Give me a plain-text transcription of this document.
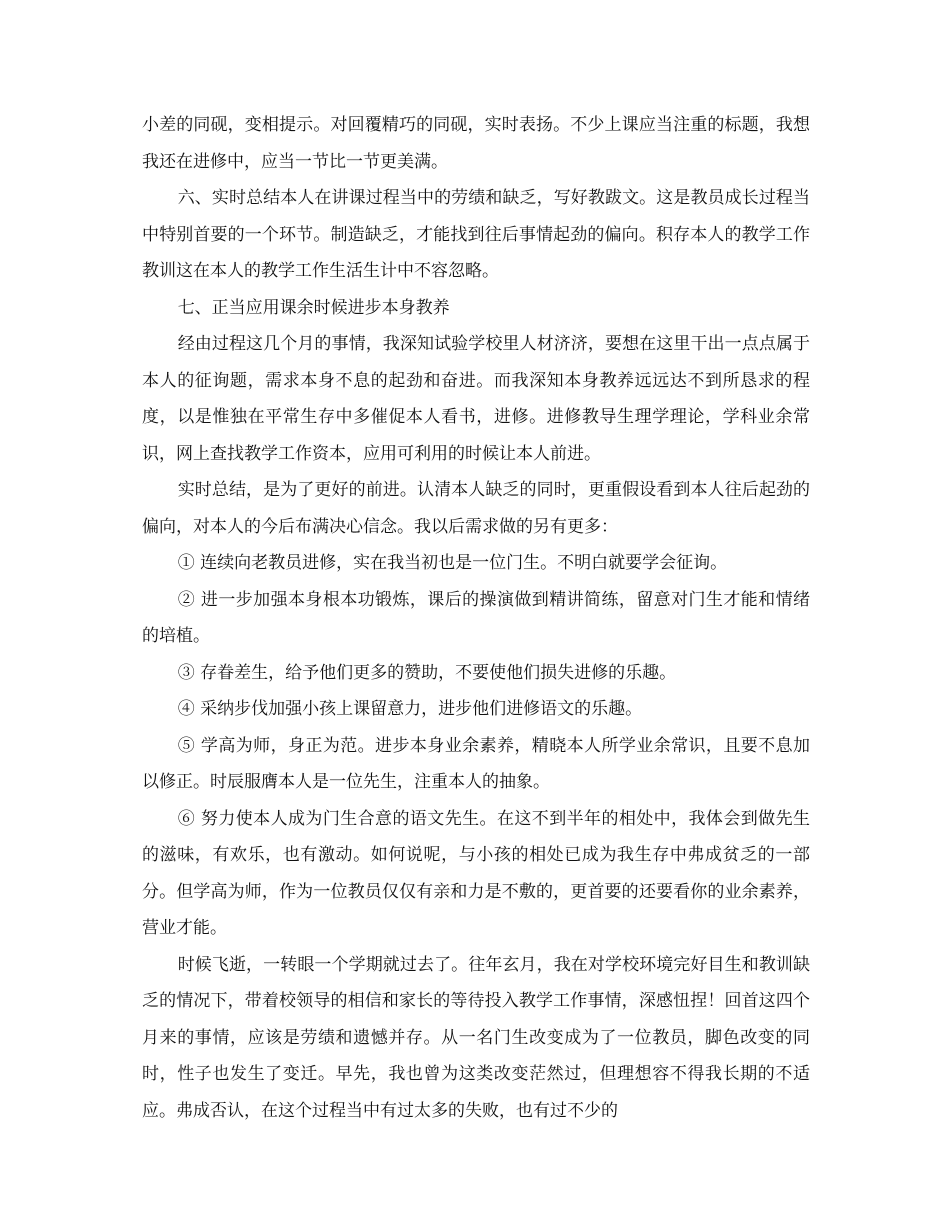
小差的同砚，变相提示。对回覆精巧的同砚，实时表扬。不少上课应当注重的标题，我想我还在进修中，应当一节比一节更美满。

六、实时总结本人在讲课过程当中的劳绩和缺乏，写好教跋文。这是教员成长过程当中特别首要的一个环节。制造缺乏，才能找到往后事情起劲的偏向。积存本人的教学工作教训这在本人的教学工作生活生计中不容忽略。

七、正当应用课余时候进步本身教养

经由过程这几个月的事情，我深知试验学校里人材济济，要想在这里干出一点点属于本人的征询题，需求本身不息的起劲和奋进。而我深知本身教养远远达不到所恳求的程度，以是惟独在平常生存中多催促本人看书，进修。进修教导生理学理论，学科业余常识，网上查找教学工作资本，应用可利用的时候让本人前进。

实时总结，是为了更好的前进。认清本人缺乏的同时，更重假设看到本人往后起劲的偏向，对本人的今后布满决心信念。我以后需求做的另有更多：

① 连续向老教员进修，实在我当初也是一位门生。不明白就要学会征询。

② 进一步加强本身根本功锻炼，课后的操演做到精讲简练，留意对门生才能和情绪的培植。

③ 存眷差生，给予他们更多的赞助，不要使他们损失进修的乐趣。

④ 采纳步伐加强小孩上课留意力，进步他们进修语文的乐趣。

⑤ 学高为师，身正为范。进步本身业余素养，精晓本人所学业余常识，且要不息加以修正。时辰服膺本人是一位先生，注重本人的抽象。

⑥ 努力使本人成为门生合意的语文先生。在这不到半年的相处中，我体会到做先生的滋味，有欢乐，也有激动。如何说呢，与小孩的相处已成为我生存中弗成贫乏的一部分。但学高为师，作为一位教员仅仅有亲和力是不敷的，更首要的还要看你的业余素养，营业才能。

时候飞逝，一转眼一个学期就过去了。往年玄月，我在对学校环境完好目生和教训缺乏的情况下，带着校领导的相信和家长的等待投入教学工作事情，深感忸捏！回首这四个月来的事情，应该是劳绩和遗憾并存。从一名门生改变成为了一位教员，脚色改变的同时，性子也发生了变迁。早先，我也曾为这类改变茫然过，但理想容不得我长期的不适应。弗成否认，在这个过程当中有过太多的失败，也有过不少的
